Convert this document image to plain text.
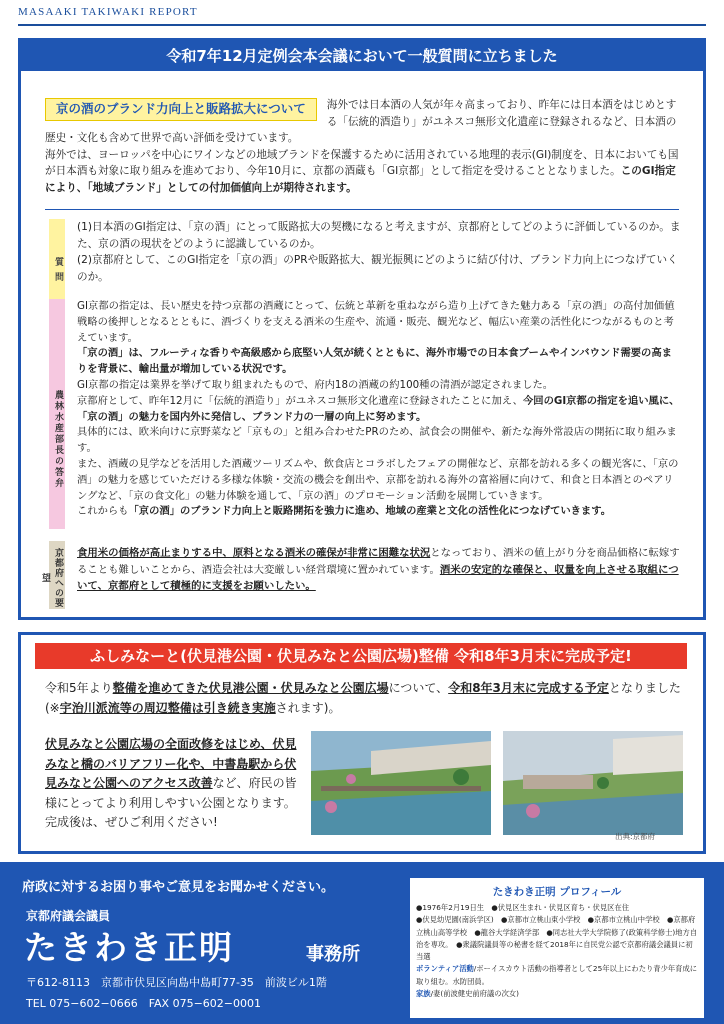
MASAAKI TAKIWAKI REPORT
令和7年12月定例会本会議において一般質問に立ちました
京の酒のブランド力向上と販路拡大について	海外では日本酒の人気が年々高まっており、昨年には日本酒をはじめとする「伝統的酒造り」がユネスコ無形文化遺産に登録されるなど、日本酒の歴史・文化も含めて世界で高い評価を受けています。
海外では、ヨーロッパを中心にワインなどの地域ブランドを保護するために活用されている地理的表示(GI)制度を、日本においても国が日本酒も対象に取り組みを進めており、今年10月に、京都の酒蔵も「GI京都」として指定を受けることとなりました。このGI指定により、「地域ブランド」としての付加価値向上が期待されます。
質問
(1)日本酒のGI指定は、「京の酒」にとって販路拡大の契機になると考えますが、京都府としてどのように評価しているのか。また、京の酒の現状をどのように認識しているのか。
(2)京都府として、このGI指定を「京の酒」のPRや販路拡大、観光振興にどのように結び付け、ブランド力向上につなげていくのか。
農林水産部長の答弁
GI京都の指定は、長い歴史を持つ京都の酒蔵にとって、伝統と革新を重ねながら造り上げてきた魅力ある「京の酒」の高付加価値戦略の後押しとなるとともに、酒づくりを支える酒米の生産や、流通・販売、観光など、幅広い産業の活性化につながるものと考えています。
「京の酒」は、フルーティな香りや高級感から底堅い人気が続くとともに、海外市場での日本食ブームやインバウンド需要の高まりを背景に、輸出量が増加している状況です。
GI京都の指定は業界を挙げて取り組まれたもので、府内18の酒蔵の約100種の清酒が認定されました。
京都府として、昨年12月に「伝統的酒造り」がユネスコ無形文化遺産に登録されたことに加え、今回のGI京都の指定を追い風に、「京の酒」の魅力を国内外に発信し、ブランド力の一層の向上に努めます。
具体的には、欧米向けに京野菜など「京もの」と組み合わせたPRのため、試食会の開催や、新たな海外常設店の開拓に取り組みます。
また、酒蔵の見学などを活用した酒蔵ツーリズムや、飲食店とコラボしたフェアの開催など、京都を訪れる多くの観光客に、「京の酒」の魅力を感じていただける多様な体験・交流の機会を創出や、京都を訪れる海外の富裕層に向けて、和食と日本酒とのペアリングなど、「京の食文化」の魅力体験を通して、「京の酒」のプロモーション活動を展開していきます。
これからも「京の酒」のブランド力向上と販路開拓を強力に進め、地域の産業と文化の活性化につなげていきます。
京都府への要望
食用米の価格が高止まりする中、原料となる酒米の確保が非常に困難な状況となっており、酒米の値上がり分を商品価格に転嫁することも難しいことから、酒造会社は大変厳しい経営環境に置かれています。酒米の安定的な確保と、収量を向上させる取組について、京都府として積極的に支援をお願いしたい。
ふしみなーと(伏見港公園・伏見みなと公園広場)整備 令和8年3月末に完成予定!
令和5年より整備を進めてきた伏見港公園・伏見みなと公園広場について、令和8年3月末に完成する予定となりました(※宇治川派流等の周辺整備は引き続き実施されます)。
伏見みなと公園広場の全面改修をはじめ、伏見みなと橋のバリアフリー化や、中書島駅から伏見みなと公園へのアクセス改善など、府民の皆様にとってより利用しやすい公園となります。
完成後は、ぜひご利用ください!
出典:京都府
府政に対するお困り事やご意見をお聞かせください。
京都府議会議員
たきわき正明	事務所
〒612-8113　京都市伏見区向島中島町77-35　前波ビル1階
TEL 075−602−0666　FAX 075−602−0001
たきわき正明 プロフィール
●1976年2月19日生　●伏見区生まれ・伏見区育ち・伏見区在住
●伏見幼児園(南浜学区)　●京都市立桃山東小学校　●京都市立桃山中学校　●京都府立桃山高等学校　●龍谷大学経済学部　●同志社大学大学院修了(政策科学修士)地方自治を専攻。　●衆議院議員等の秘書を経て2018年に自民党公認で京都府議会議員に初当選
ボランティア活動/ボーイスカウト活動の指導者として25年以上にわたり青少年育成に取り組む。水防団員。
家族/妻(前波健史前府議の次女)
